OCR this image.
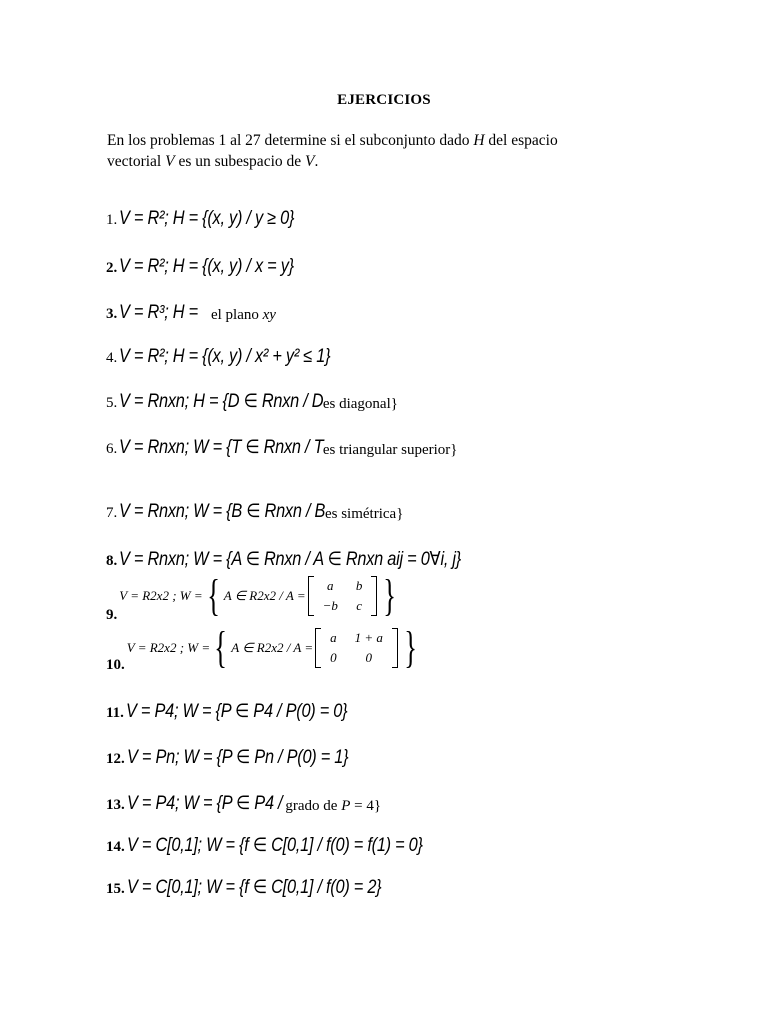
EJERCICIOS
En los problemas 1 al 27 determine si el subconjunto dado H del espacio
vectorial V es un subespacio de V.
1. V = R²; H = {(x, y) / y ≥ 0}
2. V = R²; H = {(x, y) / x = y}
3. V = R³; H = el plano xy
4. V = R²; H = {(x, y) / x² + y² ≤ 1}
5. V = Rnxn; H = {D ∈ Rnxn / D es diagonal}
6. V = Rnxn; W = {T ∈ Rnxn / T es triangular superior}
7. V = Rnxn; W = {B ∈ Rnxn / B es simétrica}
8. V = Rnxn; W = {A ∈ Rnxn / A ∈ Rnxn aij = 0∀i, j}
9.
V = R2x2 ; W = { A ∈ R2x2 / A =
a	b
−b	c }
10.
V = R2x2 ; W = { A ∈ R2x2 / A =
a	1 + a
0	0 }
11. V = P4; W = {P ∈ P4 / P(0) = 0}
12. V = Pn; W = {P ∈ Pn / P(0) = 1}
13. V = P4; W = {P ∈ P4 / grado de P = 4}
14. V = C[0,1]; W = {f ∈ C[0,1] / f(0) = f(1) = 0}
15. V = C[0,1]; W = {f ∈ C[0,1] / f(0) = 2}
